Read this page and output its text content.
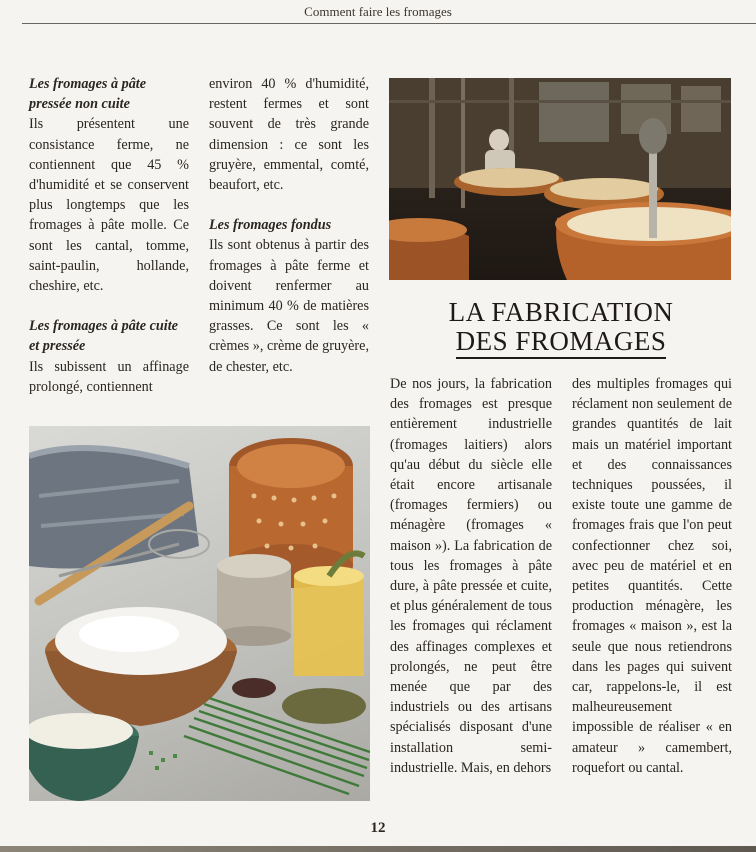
Comment faire les fromages
Les fromages à pâte pressée non cuite

Ils présentent une consistance ferme, ne contiennent que 45 % d'humidité et se conservent plus longtemps que les fromages à pâte molle. Ce sont les cantal, tomme, saint-paulin, hollande, cheshire, etc.

Les fromages à pâte cuite et pressée

Ils subissent un affinage prolongé, contiennent

environ 40 % d'humidité, restent fermes et sont souvent de très grande dimension : ce sont les gruyère, emmental, comté, beaufort, etc.

Les fromages fondus

Ils sont obtenus à partir des fromages à pâte ferme et doivent renfermer au minimum 40 % de matières grasses. Ce sont les « crèmes », crème de gruyère, de chester, etc.

LA FABRICATION
DES FROMAGES

De nos jours, la fabrication des fromages est presque entièrement industrielle (fromages laitiers) alors qu'au début du siècle elle était encore artisanale (fromages fermiers) ou ménagère (fromages « maison »). La fabrication de tous les fromages à pâte dure, à pâte pressée et cuite, et plus généralement de tous les fromages qui réclament des affinages complexes et prolongés, ne peut être menée que par des industriels ou des artisans spécialisés disposant d'une installation semi-industrielle. Mais, en dehors

des multiples fromages qui réclament non seulement de grandes quantités de lait mais un matériel important et des connaissances techniques poussées, il existe toute une gamme de fromages frais que l'on peut confectionner chez soi, avec peu de matériel et en petites quantités. Cette production ménagère, les fromages « maison », est la seule que nous retiendrons dans les pages qui suivent car, rappelons-le, il est malheureusement impossible de réaliser « en amateur » camembert, roquefort ou cantal.

12
